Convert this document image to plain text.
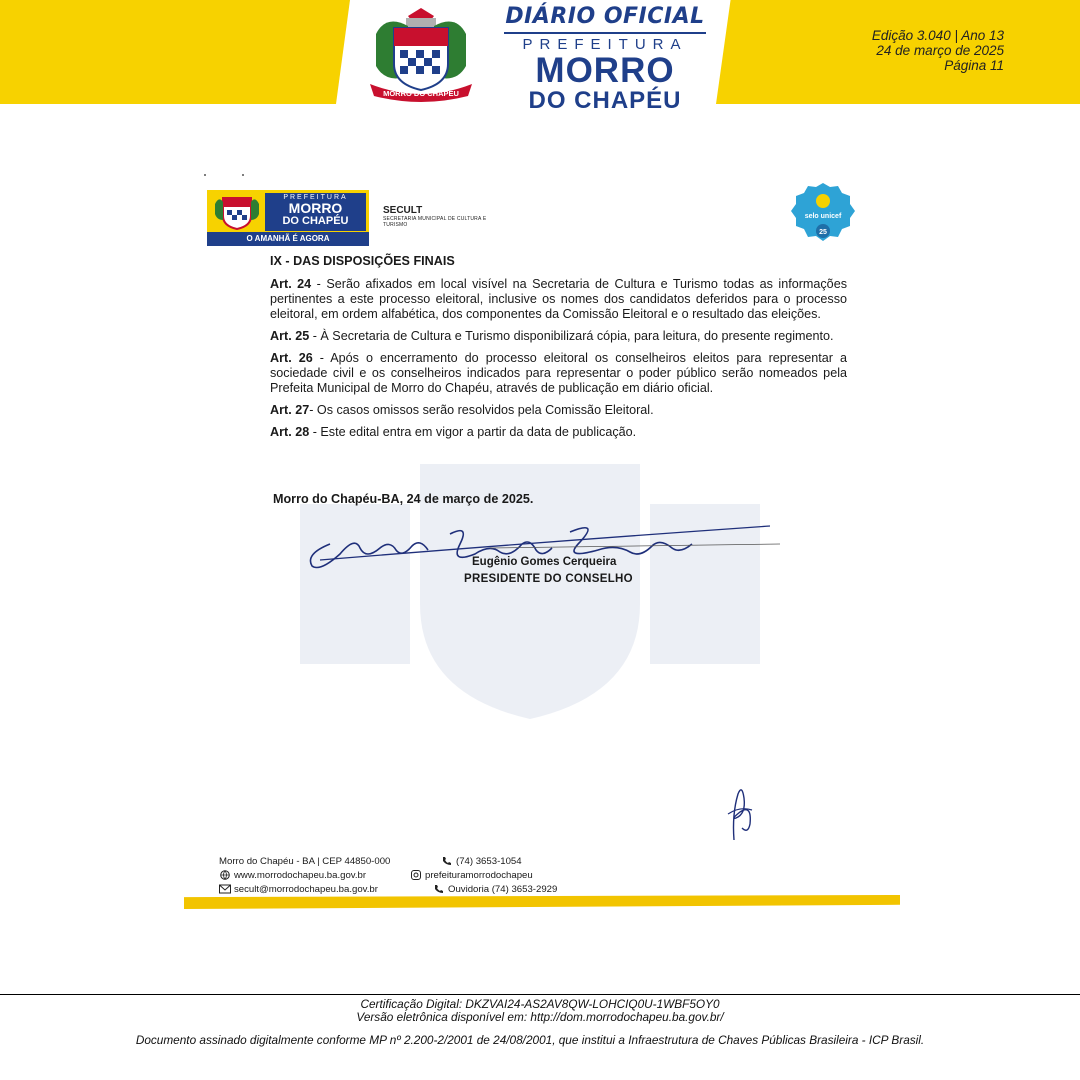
MORRO DO CHAPÉU
DIÁRIO OFICIAL
PREFEITURA
MORRO
DO CHAPÉU
Edição 3.040 | Ano 13
24 de março de 2025
Página 11
PREFEITURA
MORRO
DO CHAPÉU
O AMANHÃ É AGORA
SECULT
SECRETARIA MUNICIPAL DE CULTURA E TURISMO
selo unicef
25
IX - DAS DISPOSIÇÕES FINAIS

Art. 24 - Serão afixados em local visível na Secretaria de Cultura e Turismo todas as informações pertinentes a este processo eleitoral, inclusive os nomes dos candidatos deferidos para o processo eleitoral, em ordem alfabética, dos componentes da Comissão Eleitoral e o resultado das eleições.

Art. 25 - À Secretaria de Cultura e Turismo disponibilizará cópia, para leitura, do presente regimento.

Art. 26 - Após o encerramento do processo eleitoral os conselheiros eleitos para representar a sociedade civil e os conselheiros indicados para representar o poder público serão nomeados pela Prefeita Municipal de Morro do Chapéu, através de publicação em diário oficial.

Art. 27- Os casos omissos serão resolvidos pela Comissão Eleitoral.

Art. 28 - Este edital entra em vigor a partir da data de publicação.

Morro do Chapéu-BA, 24 de março de 2025.
Eugênio Gomes Cerqueira
PRESIDENTE DO CONSELHO
Morro do Chapéu - BA | CEP 44850-000	(74) 3653-1054
www.morrodochapeu.ba.gov.br	prefeituramorrodochapeu
secult@morrodochapeu.ba.gov.br	Ouvidoria (74) 3653-2929
Certificação Digital: DKZVAI24-AS2AV8QW-LOHCIQ0U-1WBF5OY0
Versão eletrônica disponível em: http://dom.morrodochapeu.ba.gov.br/
Documento assinado digitalmente conforme MP nº 2.200-2/2001 de 24/08/2001, que institui a Infraestrutura de Chaves Públicas Brasileira - ICP Brasil.
